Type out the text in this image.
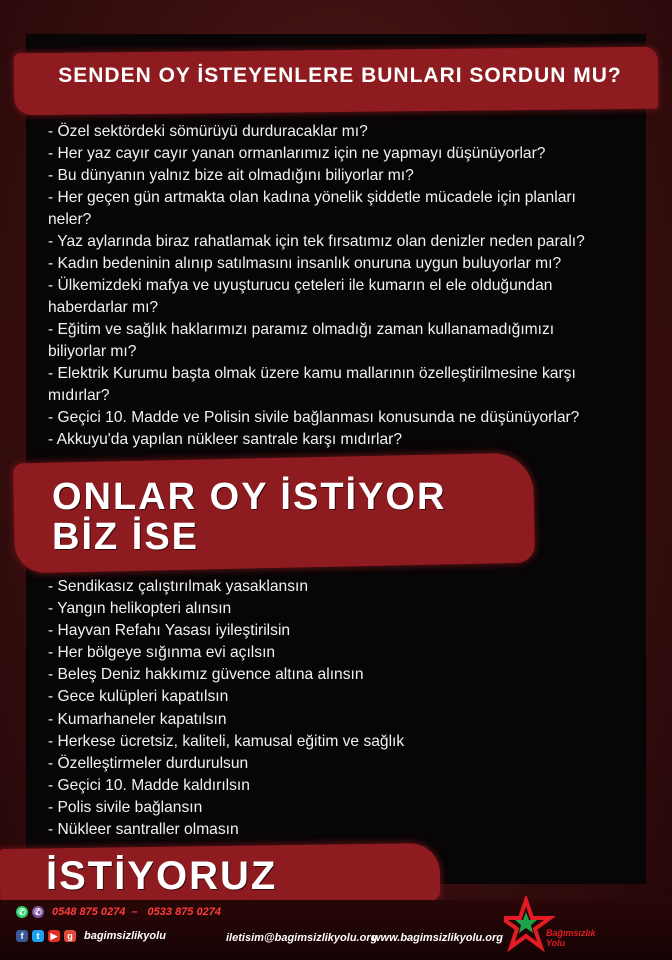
SENDEN OY İSTEYENLERE BUNLARI SORDUN MU?
- Özel sektördeki sömürüyü durduracaklar mı?
- Her yaz cayır cayır yanan ormanlarımız için ne yapmayı düşünüyorlar?
- Bu dünyanın yalnız bize ait olmadığını biliyorlar mı?
- Her geçen gün artmakta olan kadına yönelik şiddetle mücadele için planları
neler?
- Yaz aylarında biraz rahatlamak için tek fırsatımız olan denizler neden paralı?
- Kadın bedeninin alınıp satılmasını insanlık onuruna uygun buluyorlar mı?
- Ülkemizdeki mafya ve uyuşturucu çeteleri ile kumarın el ele olduğundan
haberdarlar mı?
- Eğitim ve sağlık haklarımızı paramız olmadığı zaman kullanamadığımızı
biliyorlar mı?
- Elektrik Kurumu başta olmak üzere kamu mallarının özelleştirilmesine karşı
mıdırlar?
- Geçici 10. Madde ve Polisin sivile bağlanması konusunda ne düşünüyorlar?
- Akkuyu'da yapılan nükleer santrale karşı mıdırlar?
ONLAR OY İSTİYOR
BİZ İSE
- Sendikasız çalıştırılmak yasaklansın
- Yangın helikopteri alınsın
- Hayvan Refahı Yasası iyileştirilsin
- Her bölgeye sığınma evi açılsın
- Beleş Deniz hakkımız güvence altına alınsın
- Gece kulüpleri kapatılsın
- Kumarhaneler kapatılsın
- Herkese ücretsiz, kaliteli, kamusal eğitim ve sağlık
- Özelleştirmeler durdurulsun
- Geçici 10. Madde kaldırılsın
- Polis sivile bağlansın
- Nükleer santraller olmasın
İSTİYORUZ
✆ ✆ 0548 875 0274 – 0533 875 0274
f	t	▶	g bagimsizlikyolu	iletisim@bagimsizlikyolu.org
www.bagimsizlikyolu.org	Bağımsızlık
Yolu
